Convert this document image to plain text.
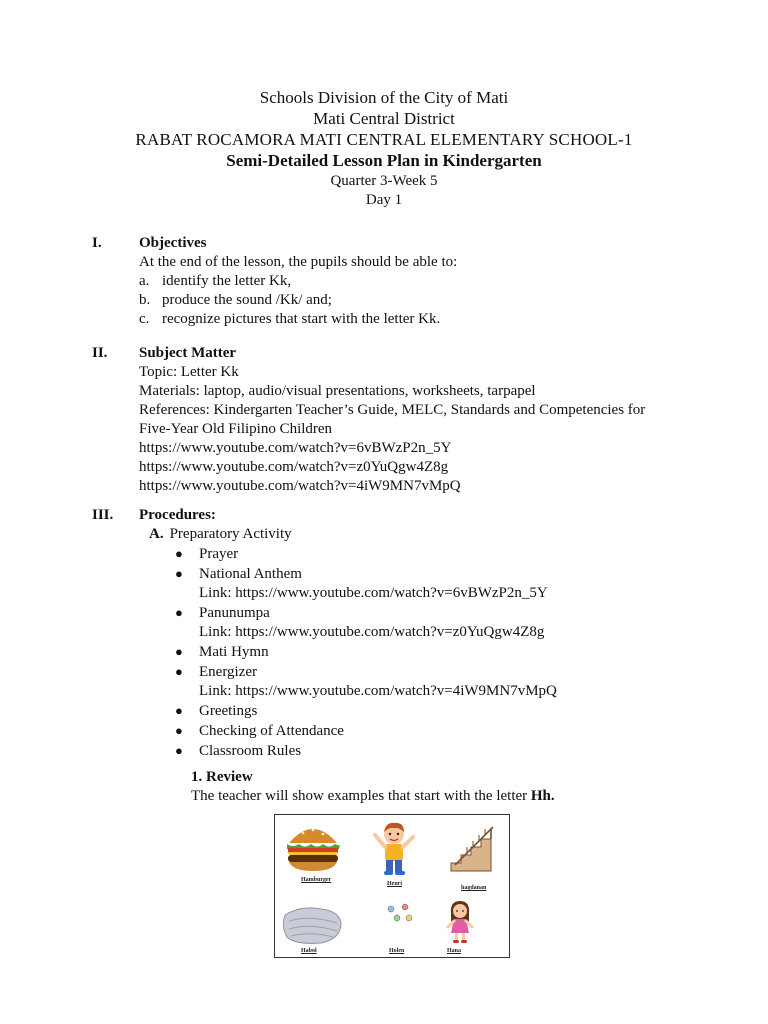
Schools Division of the City of Mati
Mati Central District
RABAT ROCAMORA MATI CENTRAL ELEMENTARY SCHOOL-1
Semi-Detailed Lesson Plan in Kindergarten
Quarter 3-Week 5
Day 1
I. Objectives
At the end of the lesson, the pupils should be able to:
a. identify the letter Kk,
b. produce the sound /Kk/ and;
c. recognize pictures that start with the letter Kk.
II. Subject Matter
Topic: Letter Kk
Materials: laptop, audio/visual presentations, worksheets, tarpapel
References: Kindergarten Teacher’s Guide, MELC, Standards and Competencies for Five-Year Old Filipino Children
https://www.youtube.com/watch?v=6vBWzP2n_5Y
https://www.youtube.com/watch?v=z0YuQgw4Z8g
https://www.youtube.com/watch?v=4iW9MN7vMpQ
III. Procedures:
A. Preparatory Activity
● Prayer
● National Anthem
Link: https://www.youtube.com/watch?v=6vBWzP2n_5Y
● Panunumpa
Link: https://www.youtube.com/watch?v=z0YuQgw4Z8g
● Mati Hymn
● Energizer
Link: https://www.youtube.com/watch?v=4iW9MN7vMpQ
● Greetings
● Checking of Attendance
● Classroom Rules
1. Review
The teacher will show examples that start with the letter Hh.
Hamburger
Henri
hagdanan
Habol	Holen	Hana
